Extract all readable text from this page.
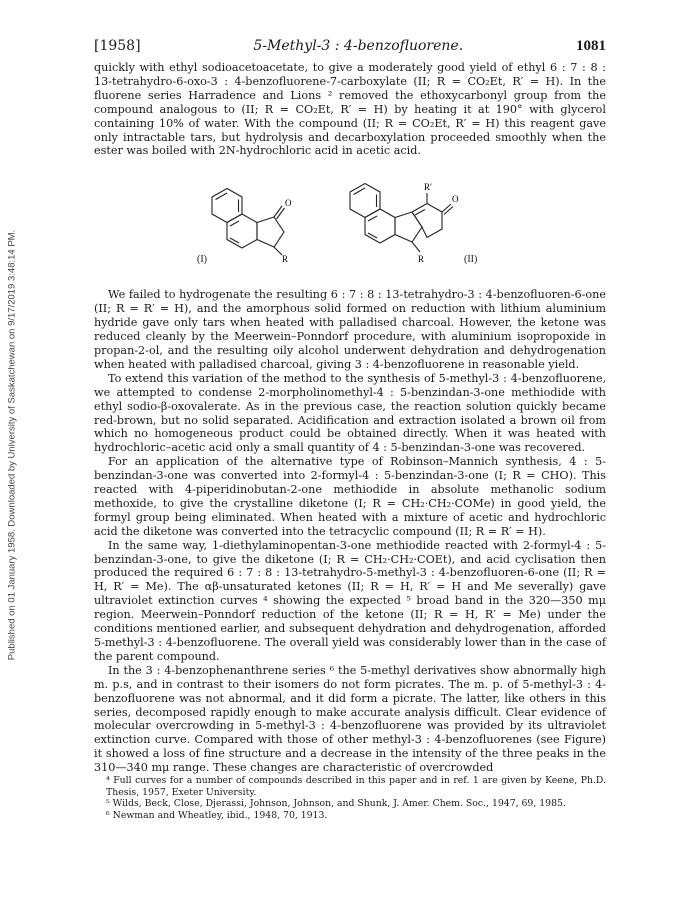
Published on 01 January 1958. Downloaded by University of Saskatchewan on 9/17/2019 3:48:14 PM.
[1958]	5-Methyl-3 : 4-benzofluorene.	1081

quickly with ethyl sodioacetoacetate, to give a moderately good yield of ethyl 6 : 7 : 8 : 13-tetrahydro-6-oxo-3 : 4-benzofluorene-7-carboxylate (II; R = CO₂Et, R′ = H). In the fluorene series Harradence and Lions ² removed the ethoxycarbonyl group from the compound analogous to (II; R = CO₂Et, R′ = H) by heating it at 190° with glycerol containing 10% of water. With the compound (II; R = CO₂Et, R′ = H) this reagent gave only intractable tars, but hydrolysis and decarboxylation proceeded smoothly when the ester was boiled with 2N-hydrochloric acid in acetic acid.

O
R
(I)
R′
O
R	(II)

We failed to hydrogenate the resulting 6 : 7 : 8 : 13-tetrahydro-3 : 4-benzofluoren-6-one (II; R = R′ = H), and the amorphous solid formed on reduction with lithium aluminium hydride gave only tars when heated with palladised charcoal. However, the ketone was reduced cleanly by the Meerwein–Ponndorf procedure, with aluminium isopropoxide in propan-2-ol, and the resulting oily alcohol underwent dehydration and dehydrogenation when heated with palladised charcoal, giving 3 : 4-benzofluorene in reasonable yield.

To extend this variation of the method to the synthesis of 5-methyl-3 : 4-benzofluorene, we attempted to condense 2-morpholinomethyl-4 : 5-benzindan-3-one methiodide with ethyl sodio-β-oxovalerate. As in the previous case, the reaction solution quickly became red-brown, but no solid separated. Acidification and extraction isolated a brown oil from which no homogeneous product could be obtained directly. When it was heated with hydrochloric–acetic acid only a small quantity of 4 : 5-benzindan-3-one was recovered.

For an application of the alternative type of Robinson–Mannich synthesis, 4 : 5-benzindan-3-one was converted into 2-formyl-4 : 5-benzindan-3-one (I; R = CHO). This reacted with 4-piperidinobutan-2-one methiodide in absolute methanolic sodium methoxide, to give the crystalline diketone (I; R = CH₂·CH₂·COMe) in good yield, the formyl group being eliminated. When heated with a mixture of acetic and hydrochloric acid the diketone was converted into the tetracyclic compound (II; R = R′ = H).

In the same way, 1-diethylaminopentan-3-one methiodide reacted with 2-formyl-4 : 5-benzindan-3-one, to give the diketone (I; R = CH₂·CH₂·COEt), and acid cyclisation then produced the required 6 : 7 : 8 : 13-tetrahydro-5-methyl-3 : 4-benzofluoren-6-one (II; R = H, R′ = Me). The αβ-unsaturated ketones (II; R = H, R′ = H and Me severally) gave ultraviolet extinction curves ⁴ showing the expected ⁵ broad band in the 320—350 mμ region. Meerwein–Ponndorf reduction of the ketone (II; R = H, R′ = Me) under the conditions mentioned earlier, and subsequent dehydration and dehydrogenation, afforded 5-methyl-3 : 4-benzofluorene. The overall yield was considerably lower than in the case of the parent compound.

In the 3 : 4-benzophenanthrene series ⁶ the 5-methyl derivatives show abnormally high m. p.s, and in contrast to their isomers do not form picrates. The m. p. of 5-methyl-3 : 4-benzofluorene was not abnormal, and it did form a picrate. The latter, like others in this series, decomposed rapidly enough to make accurate analysis difficult. Clear evidence of molecular overcrowding in 5-methyl-3 : 4-benzofluorene was provided by its ultraviolet extinction curve. Compared with those of other methyl-3 : 4-benzofluorenes (see Figure) it showed a loss of fine structure and a decrease in the intensity of the three peaks in the 310—340 mμ range. These changes are characteristic of overcrowded

⁴ Full curves for a number of compounds described in this paper and in ref. 1 are given by Keene, Ph.D. Thesis, 1957, Exeter University.

⁵ Wilds, Beck, Close, Djerassi, Johnson, Johnson, and Shunk, J. Amer. Chem. Soc., 1947, 69, 1985.

⁶ Newman and Wheatley, ibid., 1948, 70, 1913.
